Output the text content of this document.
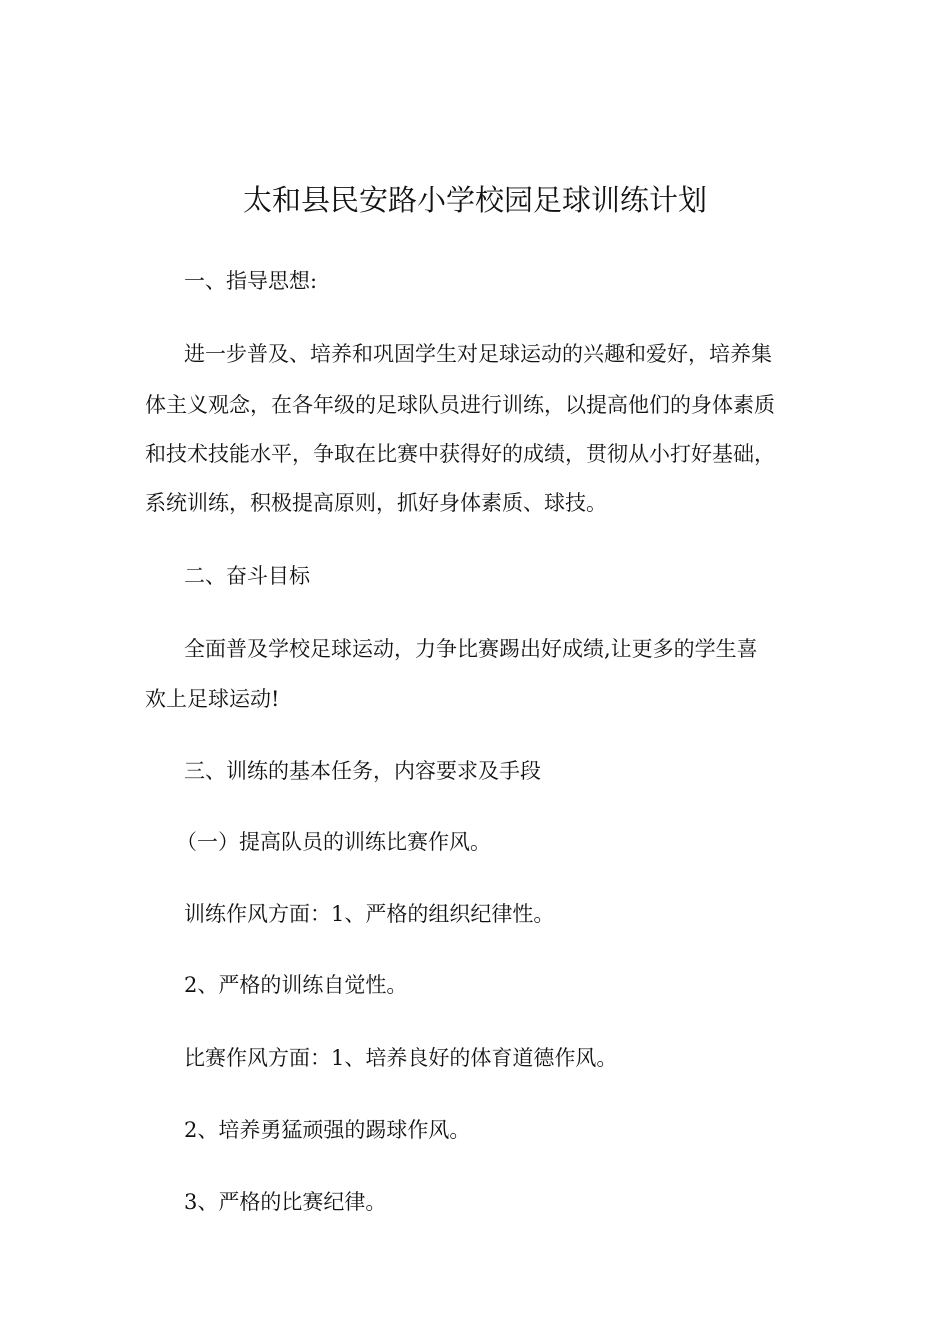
太和县民安路小学校园足球训练计划

一、指导思想:

进一步普及、培养和巩固学生对足球运动的兴趣和爱好，培养集

体主义观念，在各年级的足球队员进行训练，以提高他们的身体素质

和技术技能水平，争取在比赛中获得好的成绩，贯彻从小打好基础，

系统训练，积极提高原则，抓好身体素质、球技。

二、奋斗目标

全面普及学校足球运动，力争比赛踢出好成绩,让更多的学生喜

欢上足球运动!

三、训练的基本任务，内容要求及手段

（一）提高队员的训练比赛作风。

训练作风方面：1、严格的组织纪律性。

2、严格的训练自觉性。

比赛作风方面：1、培养良好的体育道德作风。

2、培养勇猛顽强的踢球作风。

3、严格的比赛纪律。
